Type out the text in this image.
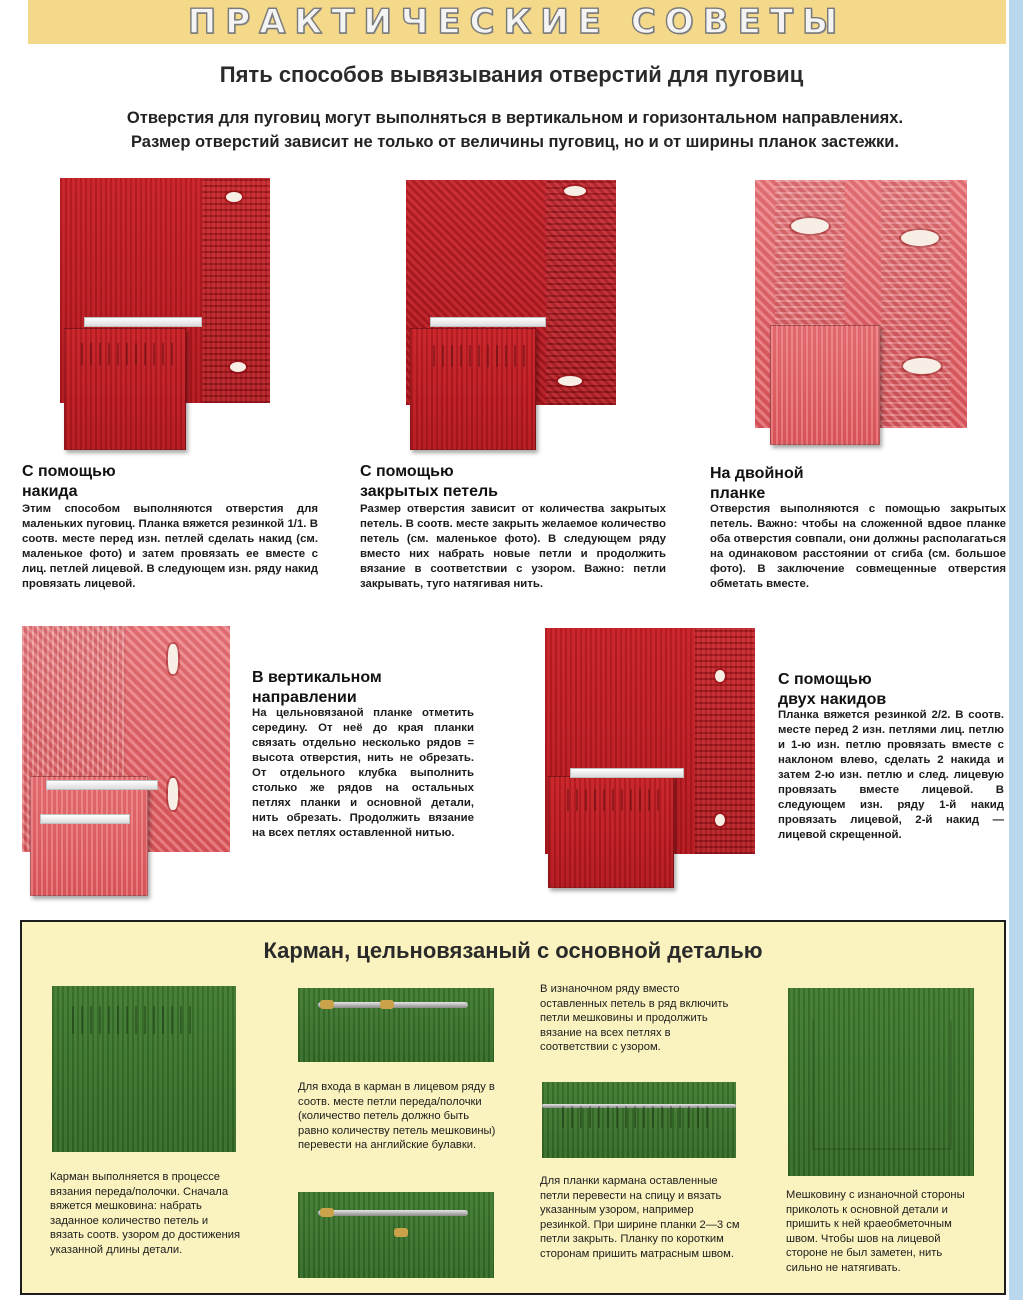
ПРАКТИЧЕСКИЕ СОВЕТЫ
Пять способов вывязывания отверстий для пуговиц
Отверстия для пуговиц могут выполняться в вертикальном и горизонтальном направлениях.
Размер отверстий зависит не только от величины пуговиц, но и от ширины планок застежки.
С помощью
накида
Этим способом выполняются отверстия для маленьких пуговиц. Планка вяжется резинкой 1/1. В соотв. месте перед изн. петлей сделать накид (см. маленькое фото) и затем провязать ее вместе с лиц. петлей лицевой. В следующем изн. ряду накид провязать лицевой.
С помощью
закрытых петель
Размер отверстия зависит от количества закрытых петель. В соотв. месте закрыть желаемое количество петель (см. маленькое фото). В следующем ряду вместо них набрать новые петли и продолжить вязание в соответствии с узором. Важно: петли закрывать, туго натягивая нить.
На двойной
планке
Отверстия выполняются с помощью закрытых петель. Важно: чтобы на сложенной вдвое планке оба отверстия совпали, они должны располагаться на одинаковом расстоянии от сгиба (см. большое фото). В заключение совмещенные отверстия обметать вместе.
В вертикальном
направлении
На цельновязаной планке отметить середину. От неё до края планки связать отдельно несколько рядов = высота отверстия, нить не обрезать. От отдельного клубка выполнить столько же рядов на остальных петлях планки и основной детали, нить обрезать. Продолжить вязание на всех петлях оставленной нитью.
С помощью
двух накидов
Планка вяжется резинкой 2/2. В соотв. месте перед 2 изн. петлями лиц. петлю и 1-ю изн. петлю провязать вместе с наклоном влево, сделать 2 накида и затем 2-ю изн. петлю и след. лицевую провязать вместе лицевой. В следующем изн. ряду 1-й накид провязать лицевой, 2-й накид — лицевой скрещенной.
Карман, цельновязаный с основной деталью
Карман выполняется в процессе вязания переда/полочки. Сначала вяжется мешковина: набрать заданное количество петель и вязать соотв. узором до достижения указанной длины детали.
Для входа в карман в лицевом ряду в соотв. месте петли переда/полочки (количество петель должно быть равно количеству петель мешковины) перевести на английские булавки.
В изнаночном ряду вместо оставленных петель в ряд включить петли мешковины и продолжить вязание на всех петлях в соответствии с узором.
Для планки кармана оставленные петли перевести на спицу и вязать указанным узором, например резинкой. При ширине планки 2—3 см петли закрыть. Планку по коротким сторонам пришить матрасным швом.
Мешковину с изнаночной стороны приколоть к основной детали и пришить к ней краеобметочным швом. Чтобы шов на лицевой стороне не был заметен, нить сильно не натягивать.
